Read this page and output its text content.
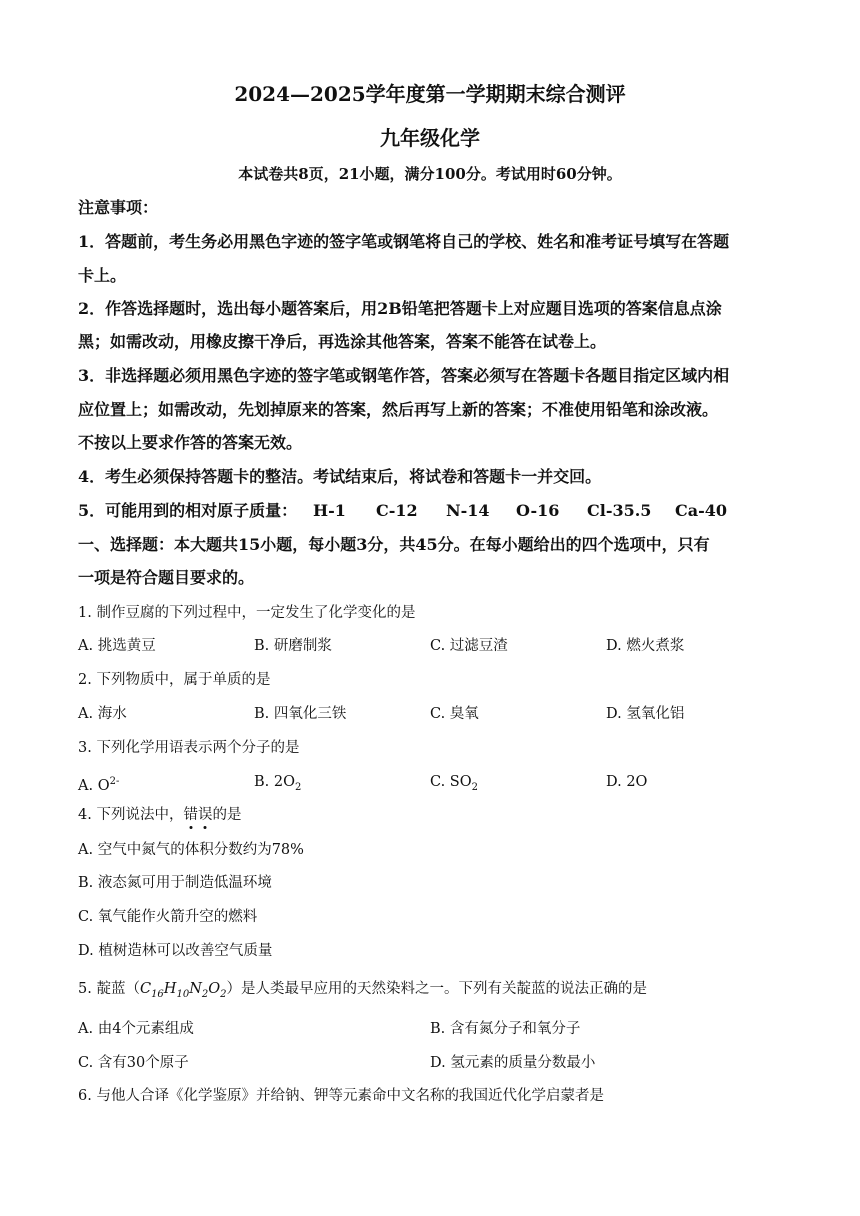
2024—2025学年度第一学期期末综合测评
九年级化学
本试卷共8页，21小题，满分100分。考试用时60分钟。
注意事项：
1．答题前，考生务必用黑色字迹的签字笔或钢笔将自己的学校、姓名和准考证号填写在答题
卡上。
2．作答选择题时，选出每小题答案后，用2B铅笔把答题卡上对应题目选项的答案信息点涂
黑；如需改动，用橡皮擦干净后，再选涂其他答案，答案不能答在试卷上。
3．非选择题必须用黑色字迹的签字笔或钢笔作答，答案必须写在答题卡各题目指定区域内相
应位置上；如需改动，先划掉原来的答案，然后再写上新的答案；不准使用铅笔和涂改液。
不按以上要求作答的答案无效。
4．考生必须保持答题卡的整洁。考试结束后，将试卷和答题卡一并交回。
5．可能用到的相对原子质量： H-1 C-12 N-14 O-16 Cl-35.5 Ca-40
一、选择题：本大题共15小题，每小题3分，共45分。在每小题给出的四个选项中，只有
一项是符合题目要求的。
1. 制作豆腐的下列过程中，一定发生了化学变化的是
A. 挑选黄豆	B. 研磨制浆	C. 过滤豆渣	D. 燃火煮浆
2. 下列物质中，属于单质的是
A. 海水	B. 四氧化三铁	C. 臭氧	D. 氢氧化铝
3. 下列化学用语表示两个分子的是
A. $O^{2-}$	B. $2O_2$	C. $SO_2$	D. 2O
4. 下列说法中，错误的是
A. 空气中氮气的体积分数约为78%
B. 液态氮可用于制造低温环境
C. 氧气能作火箭升空的燃料
D. 植树造林可以改善空气质量
5. 靛蓝$(C_{16}H_{10}N_2O_2)$是人类最早应用的天然染料之一。下列有关靛蓝的说法正确的是
A. 由4个元素组成	B. 含有氮分子和氧分子
C. 含有30个原子	D. 氢元素的质量分数最小
6. 与他人合译《化学鉴原》并给钠、钾等元素命中文名称的我国近代化学启蒙者是
